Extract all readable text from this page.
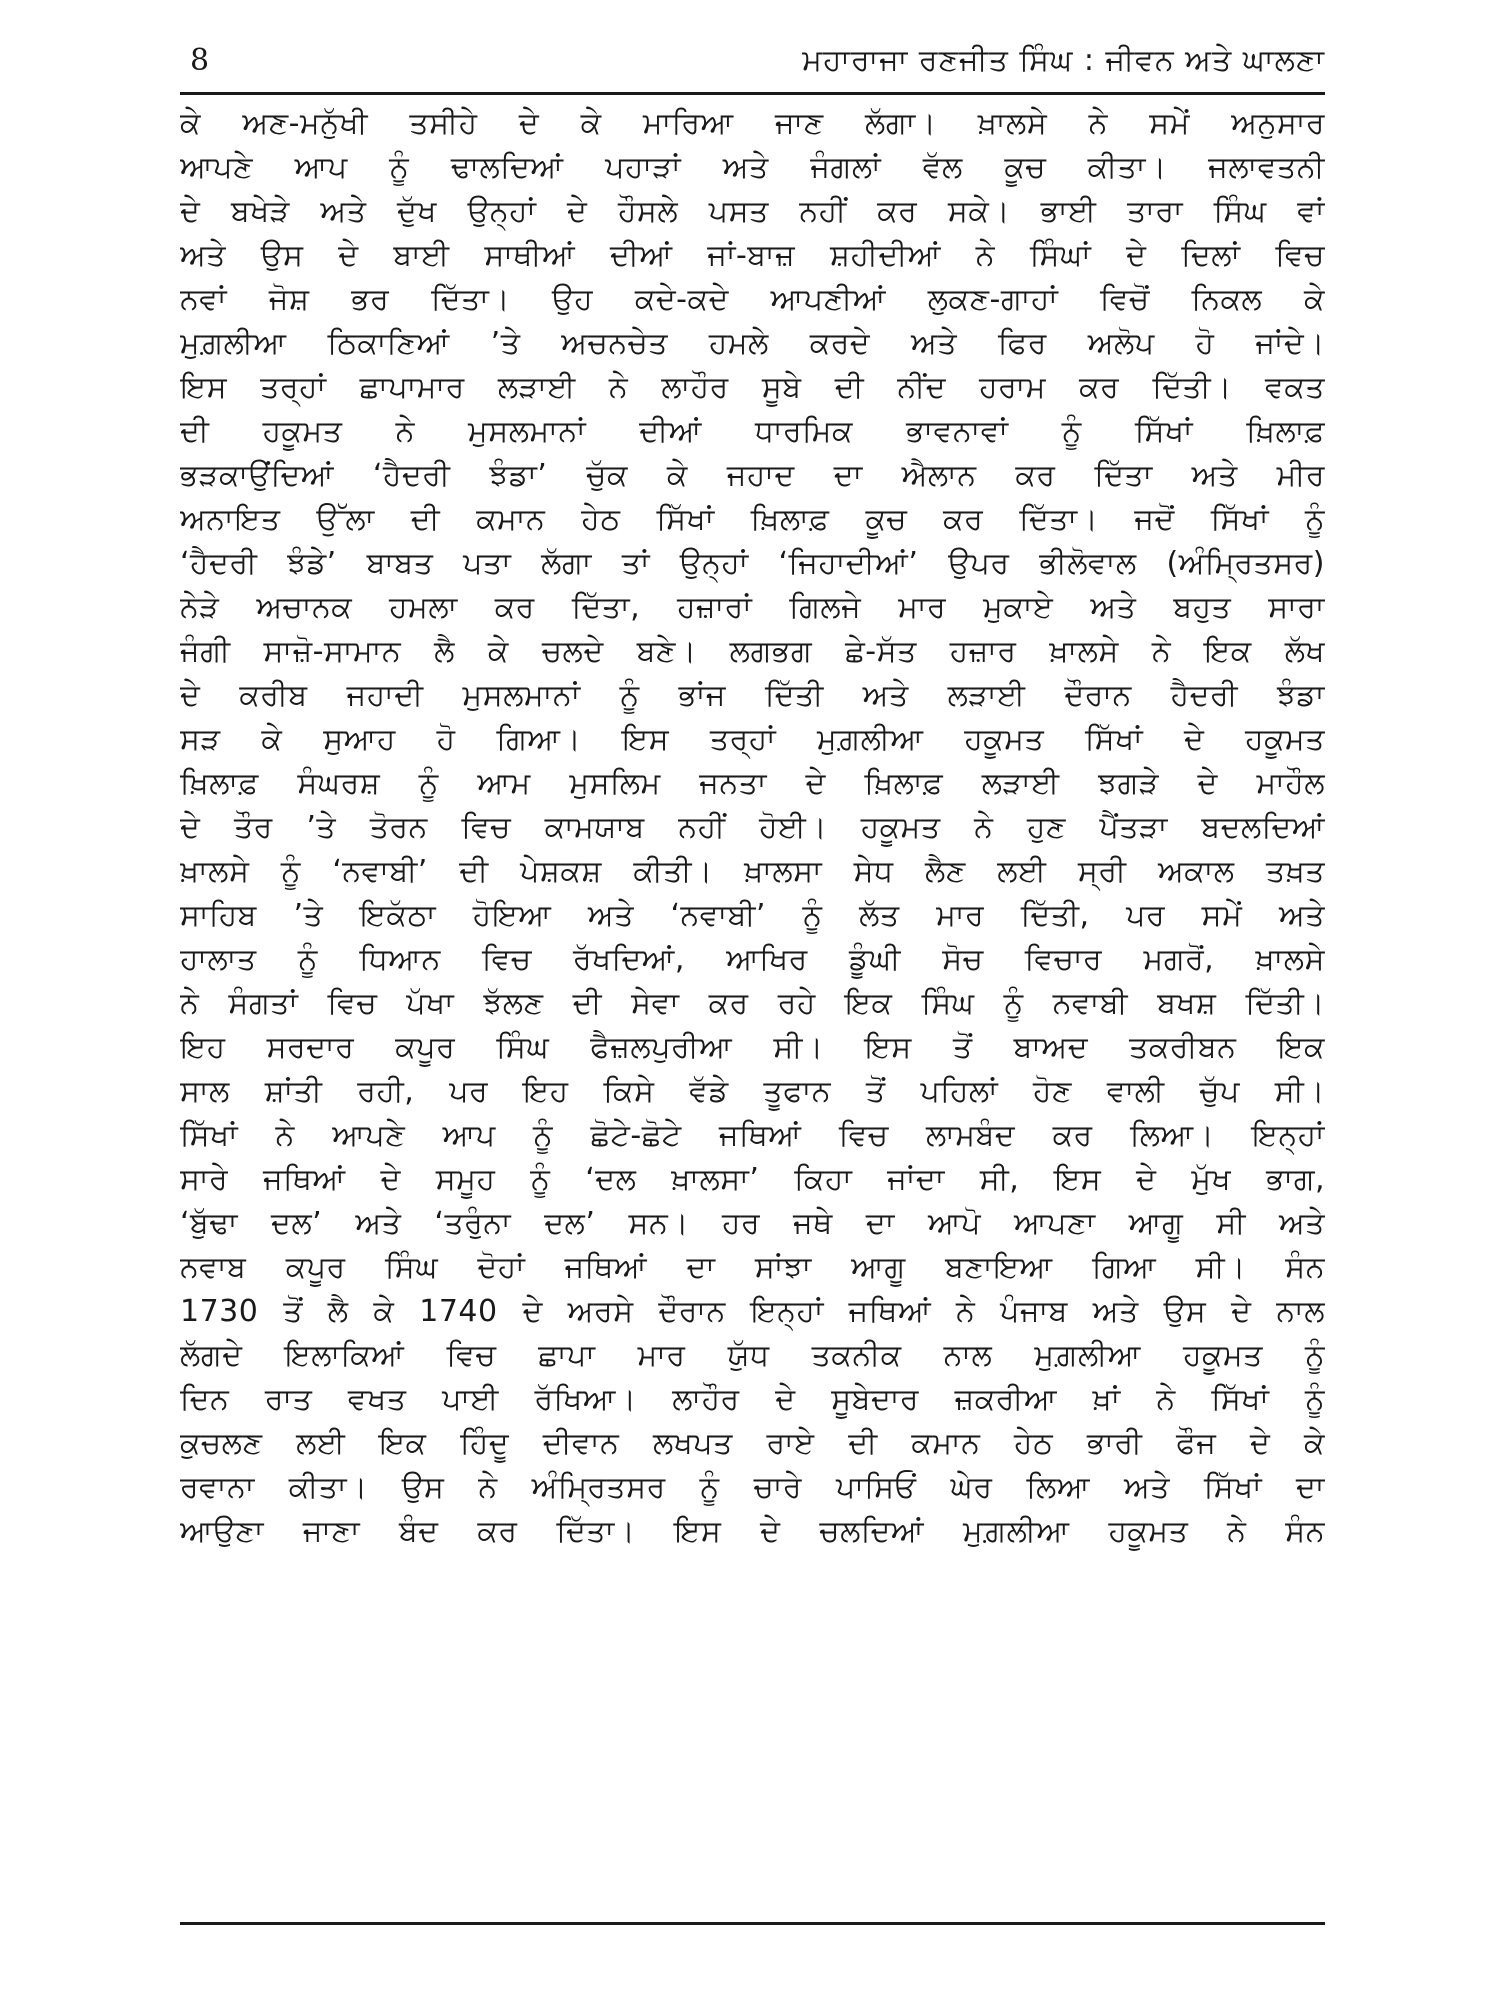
8	ਮਹਾਰਾਜਾ ਰਣਜੀਤ ਸਿੰਘ : ਜੀਵਨ ਅਤੇ ਘਾਲਣਾ
ਕੇ ਅਣ-ਮਨੁੱਖੀ ਤਸੀਹੇ ਦੇ ਕੇ ਮਾਰਿਆ ਜਾਣ ਲੱਗਾ। ਖ਼ਾਲਸੇ ਨੇ ਸਮੇਂ ਅਨੁਸਾਰ
ਆਪਣੇ ਆਪ ਨੂੰ ਢਾਲਦਿਆਂ ਪਹਾੜਾਂ ਅਤੇ ਜੰਗਲਾਂ ਵੱਲ ਕੂਚ ਕੀਤਾ। ਜਲਾਵਤਨੀ
ਦੇ ਬਖੇੜੇ ਅਤੇ ਦੁੱਖ ਉਨ੍ਹਾਂ ਦੇ ਹੌਸਲੇ ਪਸਤ ਨਹੀਂ ਕਰ ਸਕੇ। ਭਾਈ ਤਾਰਾ ਸਿੰਘ ਵਾਂ
ਅਤੇ ਉਸ ਦੇ ਬਾਈ ਸਾਥੀਆਂ ਦੀਆਂ ਜਾਂ-ਬਾਜ਼ ਸ਼ਹੀਦੀਆਂ ਨੇ ਸਿੰਘਾਂ ਦੇ ਦਿਲਾਂ ਵਿਚ
ਨਵਾਂ ਜੋਸ਼ ਭਰ ਦਿੱਤਾ। ਉਹ ਕਦੇ-ਕਦੇ ਆਪਣੀਆਂ ਲੁਕਣ-ਗਾਹਾਂ ਵਿਚੋਂ ਨਿਕਲ ਕੇ
ਮੁਗ਼ਲੀਆ ਠਿਕਾਣਿਆਂ ’ਤੇ ਅਚਨਚੇਤ ਹਮਲੇ ਕਰਦੇ ਅਤੇ ਫਿਰ ਅਲੋਪ ਹੋ ਜਾਂਦੇ।
ਇਸ ਤਰ੍ਹਾਂ ਛਾਪਾਮਾਰ ਲੜਾਈ ਨੇ ਲਾਹੌਰ ਸੂਬੇ ਦੀ ਨੀਂਦ ਹਰਾਮ ਕਰ ਦਿੱਤੀ। ਵਕਤ
ਦੀ ਹਕੂਮਤ ਨੇ ਮੁਸਲਮਾਨਾਂ ਦੀਆਂ ਧਾਰਮਿਕ ਭਾਵਨਾਵਾਂ ਨੂੰ ਸਿੱਖਾਂ ਖ਼ਿਲਾਫ਼
ਭੜਕਾਉਂਦਿਆਂ ‘ਹੈਦਰੀ ਝੰਡਾ’ ਚੁੱਕ ਕੇ ਜਹਾਦ ਦਾ ਐਲਾਨ ਕਰ ਦਿੱਤਾ ਅਤੇ ਮੀਰ
ਅਨਾਇਤ ਉੱਲਾ ਦੀ ਕਮਾਨ ਹੇਠ ਸਿੱਖਾਂ ਖ਼ਿਲਾਫ਼ ਕੂਚ ਕਰ ਦਿੱਤਾ। ਜਦੋਂ ਸਿੱਖਾਂ ਨੂੰ
‘ਹੈਦਰੀ ਝੰਡੇ’ ਬਾਬਤ ਪਤਾ ਲੱਗਾ ਤਾਂ ਉਨ੍ਹਾਂ ‘ਜਿਹਾਦੀਆਂ’ ਉਪਰ ਭੀਲੋਵਾਲ (ਅੰਮ੍ਰਿਤਸਰ)
ਨੇੜੇ ਅਚਾਨਕ ਹਮਲਾ ਕਰ ਦਿੱਤਾ, ਹਜ਼ਾਰਾਂ ਗਿਲਜੇ ਮਾਰ ਮੁਕਾਏ ਅਤੇ ਬਹੁਤ ਸਾਰਾ
ਜੰਗੀ ਸਾਜ਼ੋ-ਸਾਮਾਨ ਲੈ ਕੇ ਚਲਦੇ ਬਣੇ। ਲਗਭਗ ਛੇ-ਸੱਤ ਹਜ਼ਾਰ ਖ਼ਾਲਸੇ ਨੇ ਇਕ ਲੱਖ
ਦੇ ਕਰੀਬ ਜਹਾਦੀ ਮੁਸਲਮਾਨਾਂ ਨੂੰ ਭਾਂਜ ਦਿੱਤੀ ਅਤੇ ਲੜਾਈ ਦੌਰਾਨ ਹੈਦਰੀ ਝੰਡਾ
ਸੜ ਕੇ ਸੁਆਹ ਹੋ ਗਿਆ। ਇਸ ਤਰ੍ਹਾਂ ਮੁਗ਼ਲੀਆ ਹਕੂਮਤ ਸਿੱਖਾਂ ਦੇ ਹਕੂਮਤ
ਖ਼ਿਲਾਫ਼ ਸੰਘਰਸ਼ ਨੂੰ ਆਮ ਮੁਸਲਿਮ ਜਨਤਾ ਦੇ ਖ਼ਿਲਾਫ਼ ਲੜਾਈ ਝਗੜੇ ਦੇ ਮਾਹੌਲ
ਦੇ ਤੌਰ ’ਤੇ ਤੋਰਨ ਵਿਚ ਕਾਮਯਾਬ ਨਹੀਂ ਹੋਈ। ਹਕੂਮਤ ਨੇ ਹੁਣ ਪੈਂਤੜਾ ਬਦਲਦਿਆਂ
ਖ਼ਾਲਸੇ ਨੂੰ ‘ਨਵਾਬੀ’ ਦੀ ਪੇਸ਼ਕਸ਼ ਕੀਤੀ। ਖ਼ਾਲਸਾ ਸੇਧ ਲੈਣ ਲਈ ਸ੍ਰੀ ਅਕਾਲ ਤਖ਼ਤ
ਸਾਹਿਬ ’ਤੇ ਇਕੱਠਾ ਹੋਇਆ ਅਤੇ ‘ਨਵਾਬੀ’ ਨੂੰ ਲੱਤ ਮਾਰ ਦਿੱਤੀ, ਪਰ ਸਮੇਂ ਅਤੇ
ਹਾਲਾਤ ਨੂੰ ਧਿਆਨ ਵਿਚ ਰੱਖਦਿਆਂ, ਆਖਿਰ ਡੂੰਘੀ ਸੋਚ ਵਿਚਾਰ ਮਗਰੋਂ, ਖ਼ਾਲਸੇ
ਨੇ ਸੰਗਤਾਂ ਵਿਚ ਪੱਖਾ ਝੱਲਣ ਦੀ ਸੇਵਾ ਕਰ ਰਹੇ ਇਕ ਸਿੰਘ ਨੂੰ ਨਵਾਬੀ ਬਖਸ਼ ਦਿੱਤੀ।
ਇਹ ਸਰਦਾਰ ਕਪੂਰ ਸਿੰਘ ਫੈਜ਼ਲਪੁਰੀਆ ਸੀ। ਇਸ ਤੋਂ ਬਾਅਦ ਤਕਰੀਬਨ ਇਕ
ਸਾਲ ਸ਼ਾਂਤੀ ਰਹੀ, ਪਰ ਇਹ ਕਿਸੇ ਵੱਡੇ ਤੂਫਾਨ ਤੋਂ ਪਹਿਲਾਂ ਹੋਣ ਵਾਲੀ ਚੁੱਪ ਸੀ।
ਸਿੱਖਾਂ ਨੇ ਆਪਣੇ ਆਪ ਨੂੰ ਛੋਟੇ-ਛੋਟੇ ਜਥਿਆਂ ਵਿਚ ਲਾਮਬੰਦ ਕਰ ਲਿਆ। ਇਨ੍ਹਾਂ
ਸਾਰੇ ਜਥਿਆਂ ਦੇ ਸਮੂਹ ਨੂੰ ‘ਦਲ ਖ਼ਾਲਸਾ’ ਕਿਹਾ ਜਾਂਦਾ ਸੀ, ਇਸ ਦੇ ਮੁੱਖ ਭਾਗ,
‘ਬੁੱਢਾ ਦਲ’ ਅਤੇ ‘ਤਰੁੰਨਾ ਦਲ’ ਸਨ। ਹਰ ਜਥੇ ਦਾ ਆਪੋ ਆਪਣਾ ਆਗੂ ਸੀ ਅਤੇ
ਨਵਾਬ ਕਪੂਰ ਸਿੰਘ ਦੋਹਾਂ ਜਥਿਆਂ ਦਾ ਸਾਂਝਾ ਆਗੂ ਬਣਾਇਆ ਗਿਆ ਸੀ। ਸੰਨ
1730 ਤੋਂ ਲੈ ਕੇ 1740 ਦੇ ਅਰਸੇ ਦੌਰਾਨ ਇਨ੍ਹਾਂ ਜਥਿਆਂ ਨੇ ਪੰਜਾਬ ਅਤੇ ਉਸ ਦੇ ਨਾਲ
ਲੱਗਦੇ ਇਲਾਕਿਆਂ ਵਿਚ ਛਾਪਾ ਮਾਰ ਯੁੱਧ ਤਕਨੀਕ ਨਾਲ ਮੁਗ਼ਲੀਆ ਹਕੂਮਤ ਨੂੰ
ਦਿਨ ਰਾਤ ਵਖਤ ਪਾਈ ਰੱਖਿਆ। ਲਾਹੌਰ ਦੇ ਸੂਬੇਦਾਰ ਜ਼ਕਰੀਆ ਖ਼ਾਂ ਨੇ ਸਿੱਖਾਂ ਨੂੰ
ਕੁਚਲਣ ਲਈ ਇਕ ਹਿੰਦੂ ਦੀਵਾਨ ਲਖਪਤ ਰਾਏ ਦੀ ਕਮਾਨ ਹੇਠ ਭਾਰੀ ਫੌਜ ਦੇ ਕੇ
ਰਵਾਨਾ ਕੀਤਾ। ਉਸ ਨੇ ਅੰਮ੍ਰਿਤਸਰ ਨੂੰ ਚਾਰੇ ਪਾਸਿਓਂ ਘੇਰ ਲਿਆ ਅਤੇ ਸਿੱਖਾਂ ਦਾ
ਆਉਣਾ ਜਾਣਾ ਬੰਦ ਕਰ ਦਿੱਤਾ। ਇਸ ਦੇ ਚਲਦਿਆਂ ਮੁਗ਼ਲੀਆ ਹਕੂਮਤ ਨੇ ਸੰਨ
